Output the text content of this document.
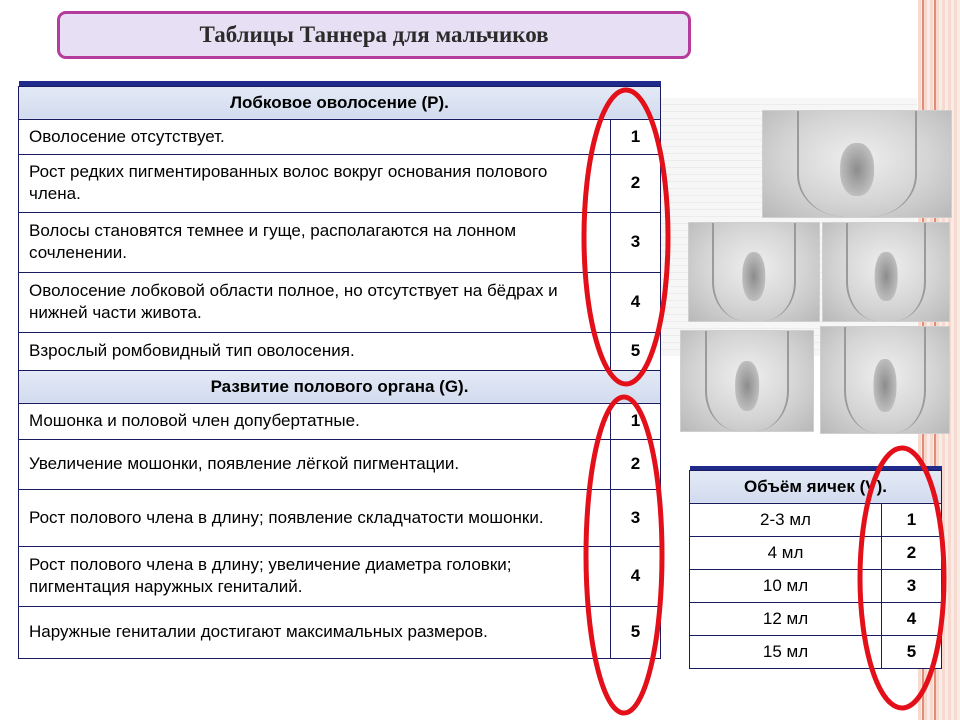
Таблицы Таннера для мальчиков

Лобковое оволосение (P).	
Оволосение отсутствует.	1
Рост редких пигментированных волос вокруг основания полового члена.	2
Волосы становятся темнее и гуще, располагаются на лонном сочленении.	3
Оволосение лобковой области полное, но отсутствует на бёдрах и нижней части живота.	4
Взрослый ромбовидный тип оволосения.	5
Развитие полового органа (G).	
Мошонка и половой член допубертатные.	1
Увеличение мошонки, появление лёгкой пигментации.	2
Рост полового члена в длину; появление складчатости мошонки.	3
Рост полового члена в длину; увеличение диаметра головки; пигментация наружных гениталий.	4
Наружные гениталии достигают максимальных размеров.	5

Объём яичек (V).	
2-3 мл	1
4 мл	2
10 мл	3
12 мл	4
15 мл	5
